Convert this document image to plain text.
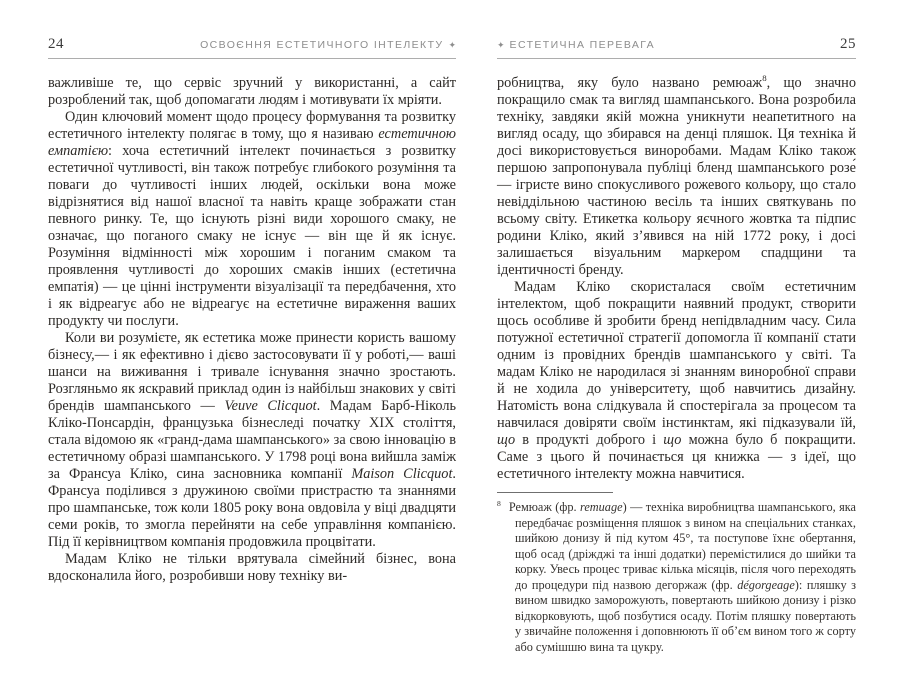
24	ОСВОЄННЯ ЕСТЕТИЧНОГО ІНТЕЛЕКТУ ✦

важливіше те, що сервіс зручний у використанні, а сайт розроблений так, щоб допомагати людям і мотивувати їх мріяти.

Один ключовий момент щодо процесу формування та розвитку естетичного інтелекту полягає в тому, що я називаю естетичною емпатією: хоча естетичний інтелект починається з розвитку естетичної чутливості, він також потребує глибокого розуміння та поваги до чутливості інших людей, оскільки вона може відрізнятися від нашої власної та навіть краще зображати стан певного ринку. Те, що існують різні види хорошого смаку, не означає, що поганого смаку не існує — він ще й як існує. Розуміння відмінності між хорошим і поганим смаком та проявлення чутливості до хороших смаків інших (естетична емпатія) — це цінні інструменти візуалізації та передбачення, хто і як відреагує або не відреагує на естетичне вираження ваших продукту чи послуги.

Коли ви розумієте, як естетика може принести користь вашому бізнесу,— і як ефективно і дієво застосовувати її у роботі,— ваші шанси на виживання і тривале існування значно зростають. Розгляньмо як яскравий приклад один із найбільш знакових у світі брендів шампанського — Veuve Clicquot. Мадам Барб-Ніколь Кліко-Понсардін, французька бізнеследі початку XIX століття, стала відомою як «гранд-дама шампанського» за свою інновацію в естетичному образі шампанського. У 1798 році вона вийшла заміж за Франсуа Кліко, сина засновника компанії Maison Clicquot. Франсуа поділився з дружиною своїми пристрастю та знаннями про шампанське, тож коли 1805 року вона овдовіла у віці двадцяти семи років, то змогла перейняти на себе управління компанією. Під її керівництвом компанія продовжила процвітати.

Мадам Кліко не тільки врятувала сімейний бізнес, вона вдосконалила його, розробивши нову техніку ви-

✦ ЕСТЕТИЧНА ПЕРЕВАГА	25

робництва, яку було названо ремюаж$^8$, що значно покращило смак та вигляд шампанського. Вона розробила техніку, завдяки якій можна уникнути неапетитного на вигляд осаду, що збирався на денці пляшок. Ця техніка й досі використовується виноробами. Мадам Кліко також першою запропонувала публіці бленд шампанського розе́ — ігристе вино спокусливого рожевого кольору, що стало невіддільною частиною весіль та інших святкувань по всьому світу. Етикетка кольору яєчного жовтка та підпис родини Кліко, який з’явився на ній 1772 року, і досі залишається візуальним маркером спадщини та ідентичності бренду.

Мадам Кліко скористалася своїм естетичним інтелектом, щоб покращити наявний продукт, створити щось особливе й зробити бренд непідвладним часу. Сила потужної естетичної стратегії допомогла її компанії стати одним із провідних брендів шампанського у світі. Та мадам Кліко не народилася зі знанням виноробної справи й не ходила до університету, щоб навчитись дизайну. Натомість вона слідкувала й спостерігала за процесом та навчилася довіряти своїм інстинктам, які підказували їй, що в продукті доброго і що можна було б покращити. Саме з цього й починається ця книжка — з ідеї, що естетичного інтелекту можна навчитися.

$^8$ Ремюаж (фр. remuage) — техніка виробництва шампанського, яка передбачає розміщення пляшок з вином на спеціальних станках, шийкою донизу й під кутом 45°, та поступове їхнє обертання, щоб осад (дріжджі та інші додатки) перемістилися до шийки та корку. Увесь процес триває кілька місяців, після чого переходять до процедури під назвою дегоржаж (фр. dégorgeage): пляшку з вином швидко заморожують, повертають шийкою донизу і різко відкорковують, щоб позбутися осаду. Потім пляшку повертають у звичайне положення і доповнюють її об’єм вином того ж сорту або сумішшю вина та цукру.
